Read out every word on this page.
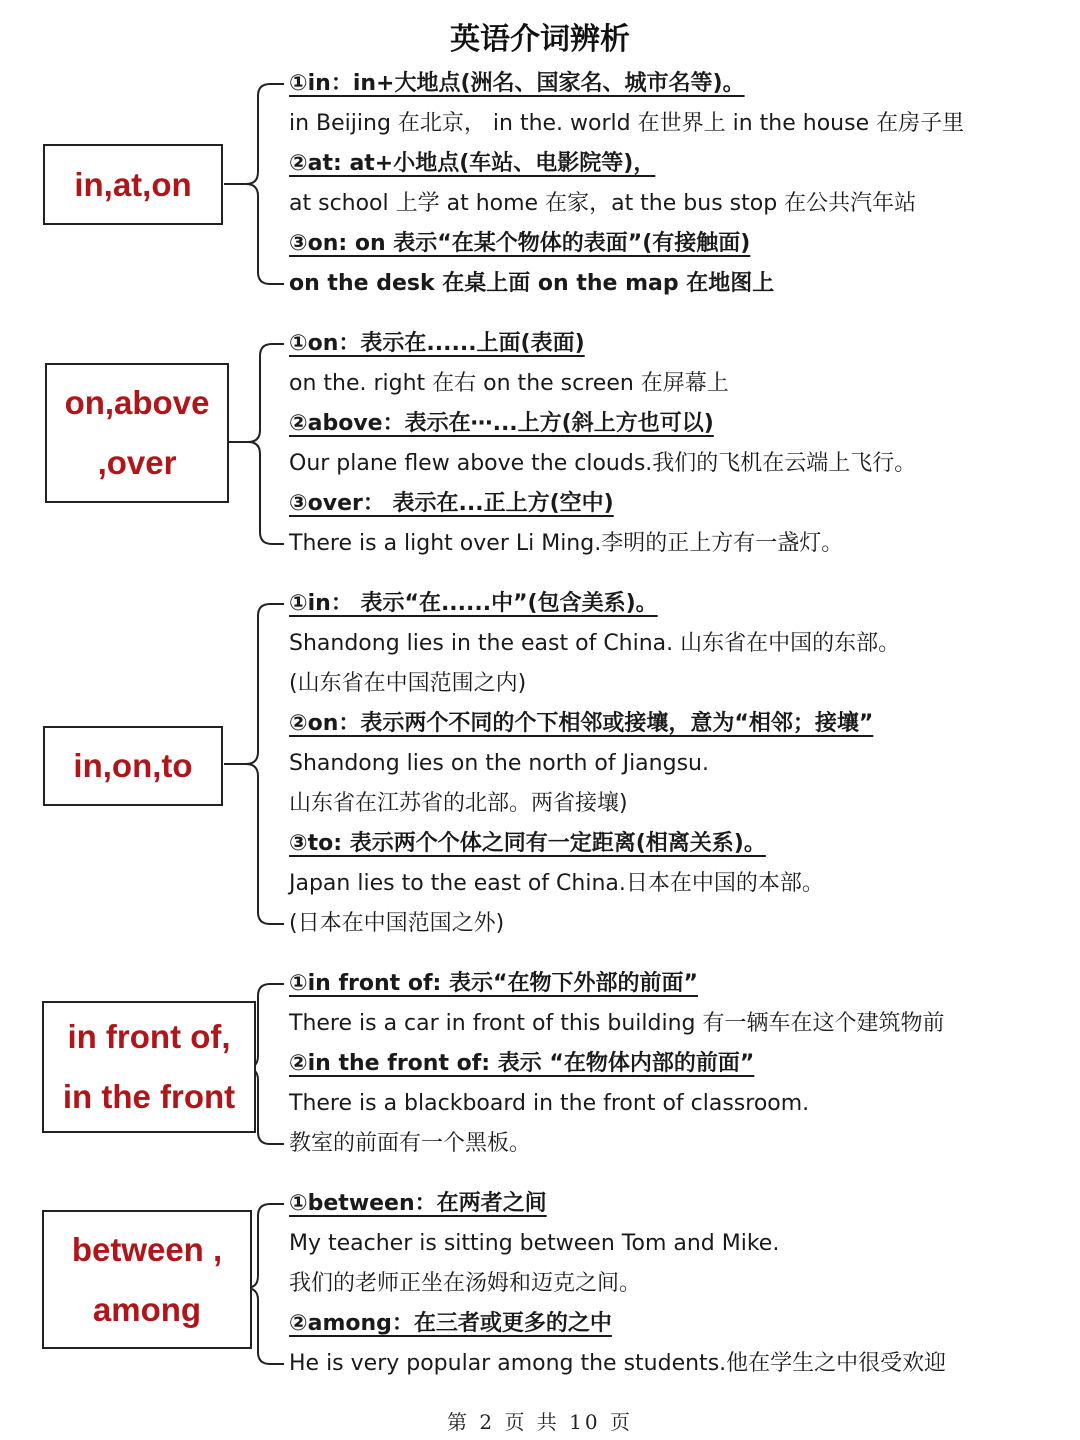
英语介词辨析
in,at,on
①in：in+大地点(洲名、国家名、城市名等)。
in Beijing 在北京， in the. world 在世界上 in the house 在房子里
②at: at+小地点(车站、电影院等)，
at school 上学 at home 在家，at the bus stop 在公共汽年站
③on: on 表示“在某个物体的表面”(有接触面)
on the desk 在桌上面 on the map 在地图上
on,above
,over
①on：表示在......上面(表面)
on the. right 在右 on the screen 在屏幕上
②above：表示在⋯...上方(斜上方也可以)
Our plane flew above the clouds.我们的飞机在云端上飞行。
③over： 表示在...正上方(空中)
There is a light over Li Ming.李明的正上方有一盏灯。
in,on,to
①in： 表示“在......中”(包含美系)。
Shandong lies in the east of China. 山东省在中国的东部。
(山东省在中国范围之内)
②on：表示两个不同的个下相邻或接壤，意为“相邻；接壤”
Shandong lies on the north of Jiangsu.
山东省在江苏省的北部。两省接壤)
③to: 表示两个个体之同有一定距离(相离关系)。
Japan lies to the east of China.日本在中国的本部。
(日本在中国范国之外)
in front of,
in the front
①in front of: 表示“在物下外部的前面”
There is a car in front of this building 有一辆车在这个建筑物前
②in the front of: 表示 “在物体内部的前面”
There is a blackboard in the front of classroom.
教室的前面有一个黑板。
between ,
among
①between：在两者之间
My teacher is sitting between Tom and Mike.
我们的老师正坐在汤姆和迈克之间。
②among：在三者或更多的之中
He is very popular among the students.他在学生之中很受欢迎
第 2 页 共 10 页
